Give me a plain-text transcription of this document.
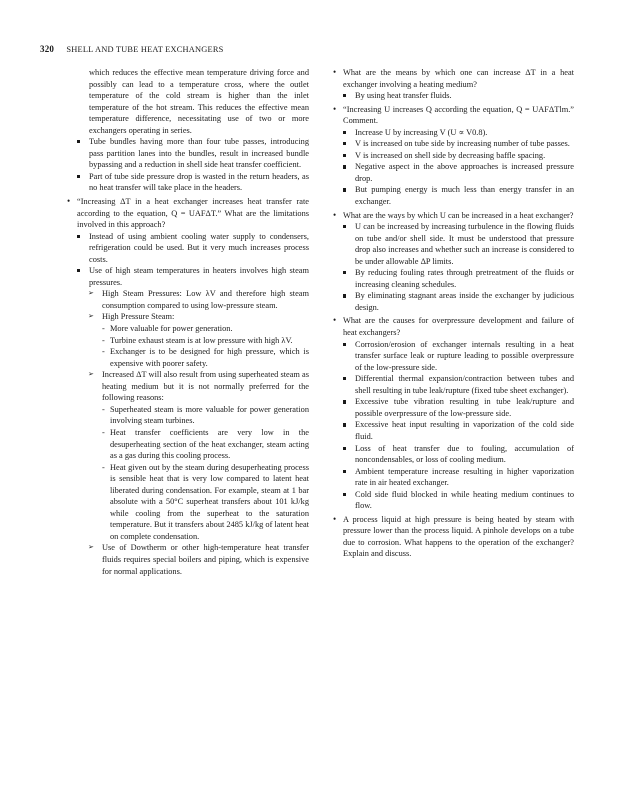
320 SHELL AND TUBE HEAT EXCHANGERS

which reduces the effective mean temperature driving force and possibly can lead to a temperature cross, where the outlet temperature of the cold stream is higher than the inlet temperature of the hot stream. This reduces the effective mean temperature difference, necessitating use of two or more exchangers operating in series.

Tube bundles having more than four tube passes, introducing pass partition lanes into the bundles, result in increased bundle bypassing and a reduction in shell side heat transfer coefficient.

Part of tube side pressure drop is wasted in the return headers, as no heat transfer will take place in the headers.

• “Increasing ΔT in a heat exchanger increases heat transfer rate according to the equation, Q = UAFΔT.” What are the limitations involved in this approach?

Instead of using ambient cooling water supply to condensers, refrigeration could be used. But it very much increases process costs.

Use of high steam temperatures in heaters involves high steam pressures.

➢ High Steam Pressures: Low λV and therefore high steam consumption compared to using low-pressure steam.

➢ High Pressure Steam:

- More valuable for power generation.

- Turbine exhaust steam is at low pressure with high λV.

- Exchanger is to be designed for high pressure, which is expensive with poorer safety.

➢ Increased ΔT will also result from using superheated steam as heating medium but it is not normally preferred for the following reasons:

- Superheated steam is more valuable for power generation involving steam turbines.

- Heat transfer coefficients are very low in the desuperheating section of the heat exchanger, steam acting as a gas during this cooling process.

- Heat given out by the steam during desuperheating process is sensible heat that is very low compared to latent heat liberated during condensation. For example, steam at 1 bar absolute with a 50°C superheat transfers about 101 kJ/kg while cooling from the superheat to the saturation temperature. But it transfers about 2485 kJ/kg of latent heat on complete condensation.

➢ Use of Dowtherm or other high-temperature heat transfer fluids requires special boilers and piping, which is expensive for normal applications.

• What are the means by which one can increase ΔT in a heat exchanger involving a heating medium?

By using heat transfer fluids.

• “Increasing U increases Q according the equation, Q = UAFΔTlm.” Comment.

Increase U by increasing V (U ∝ V0.8).

V is increased on tube side by increasing number of tube passes.

V is increased on shell side by decreasing baffle spacing.

Negative aspect in the above approaches is increased pressure drop.

But pumping energy is much less than energy transfer in an exchanger.

• What are the ways by which U can be increased in a heat exchanger?

U can be increased by increasing turbulence in the flowing fluids on tube and/or shell side. It must be understood that pressure drop also increases and whether such an increase is considered to be under allowable ΔP limits.

By reducing fouling rates through pretreatment of the fluids or increasing cleaning schedules.

By eliminating stagnant areas inside the exchanger by judicious design.

• What are the causes for overpressure development and failure of heat exchangers?

Corrosion/erosion of exchanger internals resulting in a heat transfer surface leak or rupture leading to possible overpressure of the low-pressure side.

Differential thermal expansion/contraction between tubes and shell resulting in tube leak/rupture (fixed tube sheet exchanger).

Excessive tube vibration resulting in tube leak/rupture and possible overpressure of the low-pressure side.

Excessive heat input resulting in vaporization of the cold side fluid.

Loss of heat transfer due to fouling, accumulation of noncondensables, or loss of cooling medium.

Ambient temperature increase resulting in higher vaporization rate in air heated exchanger.

Cold side fluid blocked in while heating medium continues to flow.

• A process liquid at high pressure is being heated by steam with pressure lower than the process liquid. A pinhole develops on a tube due to corrosion. What happens to the operation of the exchanger? Explain and discuss.
